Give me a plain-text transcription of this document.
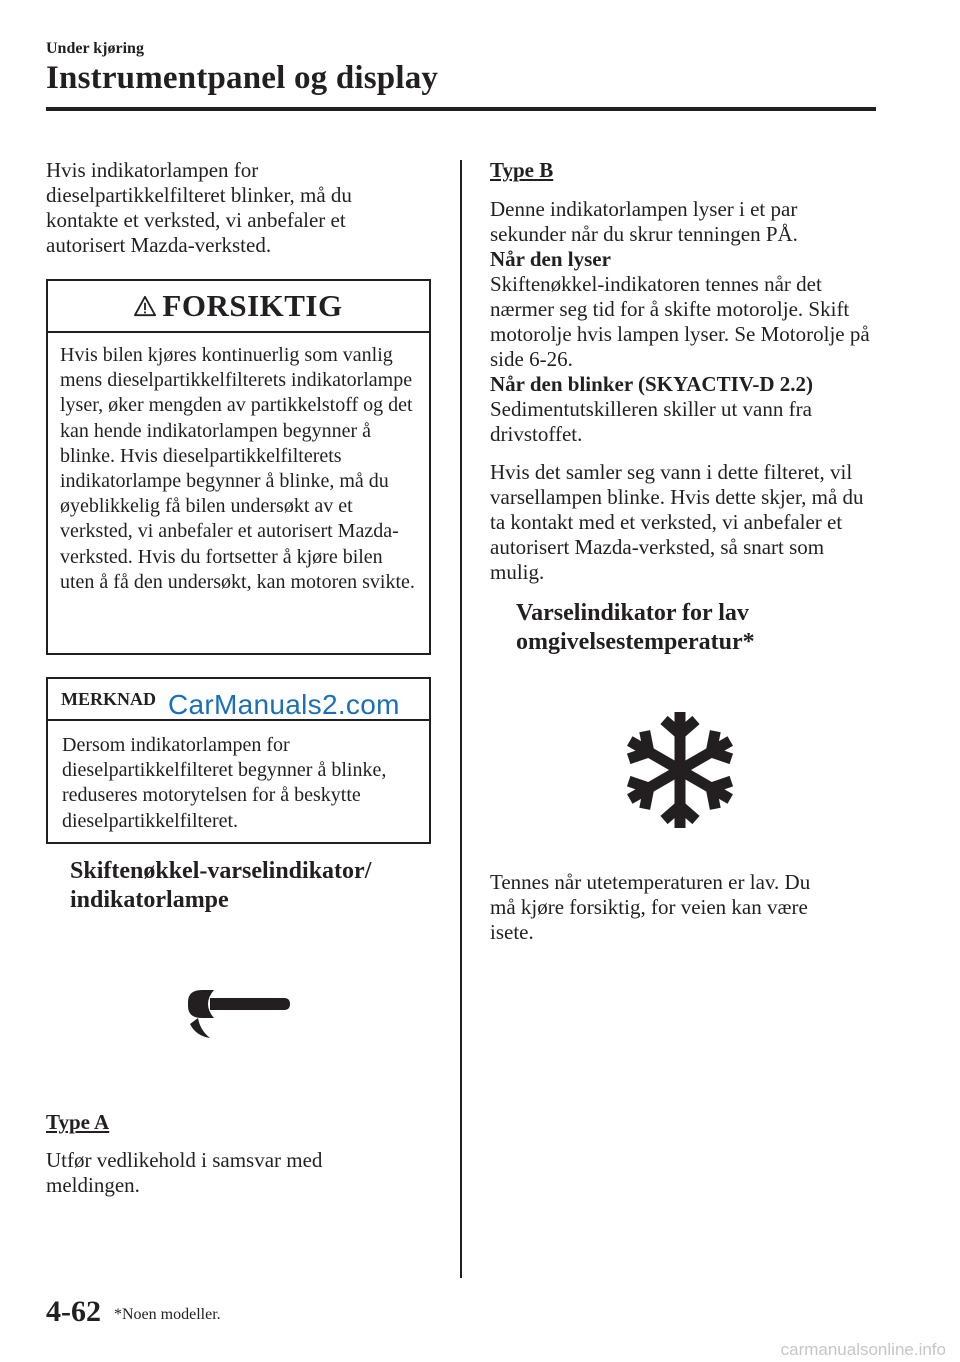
Under kjøring
Instrumentpanel og display

Hvis indikatorlampen for dieselpartikkelfilteret blinker, må du kontakte et verksted, vi anbefaler et autorisert Mazda-verksted.

FORSIKTIG

Hvis bilen kjøres kontinuerlig som vanlig mens dieselpartikkelfilterets indikatorlampe lyser, øker mengden av partikkelstoff og det kan hende indikatorlampen begynner å blinke. Hvis dieselpartikkelfilterets indikatorlampe begynner å blinke, må du øyeblikkelig få bilen undersøkt av et verksted, vi anbefaler et autorisert Mazda-verksted. Hvis du fortsetter å kjøre bilen uten å få den undersøkt, kan motoren svikte.

MERKNAD

Dersom indikatorlampen for dieselpartikkelfilteret begynner å blinke, reduseres motorytelsen for å beskytte dieselpartikkelfilteret.

CarManuals2.com

Skiftenøkkel-varselindikator/ indikatorlampe

Type A

Utfør vedlikehold i samsvar med meldingen.

Type B

Denne indikatorlampen lyser i et par sekunder når du skrur tenningen PÅ.

Når den lyser

Skiftenøkkel-indikatoren tennes når det nærmer seg tid for å skifte motorolje. Skift motorolje hvis lampen lyser. Se Motorolje på side 6-26.

Når den blinker (SKYACTIV-D 2.2)

Sedimentutskilleren skiller ut vann fra drivstoffet.

Hvis det samler seg vann i dette filteret, vil varsellampen blinke. Hvis dette skjer, må du ta kontakt med et verksted, vi anbefaler et autorisert Mazda-verksted, så snart som mulig.

Varselindikator for lav omgivelsestemperatur*

Tennes når utetemperaturen er lav. Du må kjøre forsiktig, for veien kan være isete.

4-62 *Noen modeller.
carmanualsonline.info
